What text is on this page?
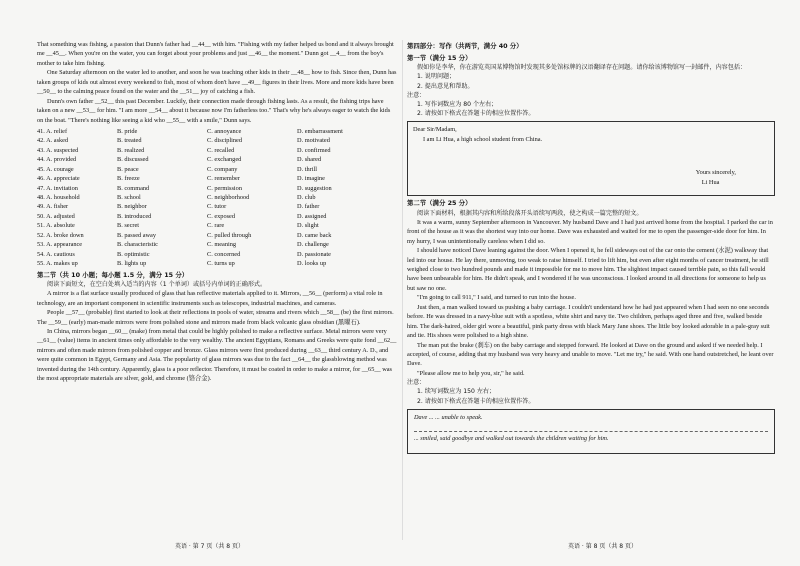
That something was fishing, a passion that Dunn's father had __44__ with him. "Fishing with my father helped us bond and it always brought me __45__. When you're on the water, you can forget about your problems and just __46__ the moment." Dunn got __4__ from the boy's mother to take him fishing.

One Saturday afternoon on the water led to another, and soon he was teaching other kids in their __48__ how to fish. Since then, Dunn has taken groups of kids out almost every weekend to fish, most of whom don't have __49__ figures in their lives. More and more kids have been __50__ to the calming peace found on the water and the __51__ joy of catching a fish.

Dunn's own father __52__ this past December. Luckily, their connection made through fishing lasts. As a result, the fishing trips have taken on a new __53__ for him. "I am more __54__ about it because now I'm fatherless too." That's why he's always eager to watch the kids on the boat. "There's nothing like seeing a kid who __55__ with a smile," Dunn says.

41. A. relief	B. pride	C. annoyance	D. embarrassment
42. A. asked	B. treated	C. disciplined	D. motivated
43. A. suspected	B. realized	C. recalled	D. confirmed
44. A. provided	B. discussed	C. exchanged	D. shared
45. A. courage	B. peace	C. company	D. thrill
46. A. appreciate	B. freeze	C. remember	D. imagine
47. A. invitation	B. command	C. permission	D. suggestion
48. A. household	B. school	C. neighborhood	D. club
49. A. fisher	B. neighbor	C. tutor	D. father
50. A. adjusted	B. introduced	C. exposed	D. assigned
51. A. absolute	B. secret	C. rare	D. slight
52. A. broke down	B. passed away	C. pulled through	D. came back
53. A. appearance	B. characteristic	C. meaning	D. challenge
54. A. cautious	B. optimistic	C. concerned	D. passionate
55. A. makes up	B. lights up	C. turns up	D. looks up

第二节（共 10 小题；每小题 1.5 分，满分 15 分）

阅读下面短文，在空白处填入适当的内容（1 个单词）或括号内单词的正确形式。

A mirror is a flat surface usually produced of glass that has reflective materials applied to it. Mirrors, __56__ (perform) a vital role in technology, are an important component in scientific instruments such as telescopes, industrial machines, and cameras.

People __57__ (probable) first started to look at their reflections in pools of water, streams and rivers which __58__ (be) the first mirrors. The __59__ (early) man-made mirrors were from polished stone and mirrors made from black volcanic glass obsidian (黑曜石).

In China, mirrors began __60__ (make) from metal that could be highly polished to make a reflective surface. Metal mirrors were very __61__ (value) items in ancient times only affordable to the very wealthy. The ancient Egyptians, Romans and Greeks were quite fond __62__ mirrors and often made mirrors from polished copper and bronze. Glass mirrors were first produced during __63__ third century A. D., and were quite common in Egypt, Germany and Asia. The popularity of glass mirrors was due to the fact __64__ the glassblowing method was invented during the 14th century. Apparently, glass is a poor reflector. Therefore, it must be coated in order to make a mirror, for __65__ was the most appropriate materials are silver, gold, and chrome (铬合金).

第四部分：写作（共两节，满分 40 分）

第一节（满分 15 分）

假如你是李华，你在游览英国某博物馆时发现其多处馆标牌的汉语翻译存在问题。请你给该博物馆写一封邮件，内容包括：

1. 说明问题；

2. 提出意见和帮助。

注意：

1. 写作词数应为 80 个左右；

2. 请按如下格式在答题卡的相应位置作答。

Dear Sir/Madam,

I am Li Hua, a high school student from China.

Yours sincerely,

Li Hua

第二节（满分 25 分）

阅读下面材料，根据其内容和所给段落开头语续写两段，使之构成一篇完整的短文。

It was a warm, sunny September afternoon in Vancouver. My husband Dave and I had just arrived home from the hospital. I parked the car in front of the house as it was the shortest way into our home. Dave was exhausted and waited for me to open the passenger-side door for him. In my hurry, I was unintentionally careless when I did so.

I should have noticed Dave leaning against the door. When I opened it, he fell sideways out of the car onto the cement (水泥) walkway that led into our house. He lay there, unmoving, too weak to raise himself. I tried to lift him, but even after eight months of cancer treatment, he still weighed close to two hundred pounds and made it impossible for me to move him. The slightest impact caused terrible pain, so this fall would have been unbearable for him. He didn't speak, and I wondered if he was unconscious. I looked around in all directions for someone to help us but saw no one.

"I'm going to call 911," I said, and turned to run into the house.

Just then, a man walked toward us pushing a baby carriage. I couldn't understand how he had just appeared when I had seen no one seconds before. He was dressed in a navy-blue suit with a spotless, white shirt and navy tie. Two children, perhaps aged three and five, walked beside him. The dark-haired, older girl wore a beautiful, pink party dress with black Mary Jane shoes. The little boy looked adorable in a pale-gray suit and tie. His shoes were polished to a high shine.

The man put the brake (刹车) on the baby carriage and stepped forward. He looked at Dave on the ground and asked if we needed help. I accepted, of course, adding that my husband was very heavy and unable to move. "Let me try," he said. With one hand outstretched, he leant over Dave.

"Please allow me to help you, sir," he said.

注意：

1. 续写词数应为 150 左右；

2. 请按如下格式在答题卡的相应位置作答。

Dave ... ... unable to speak.

... smiled, said goodbye and walked out towards the children waiting for him.

英语 · 第 7 页（共 8 页）	英语 · 第 8 页（共 8 页）
